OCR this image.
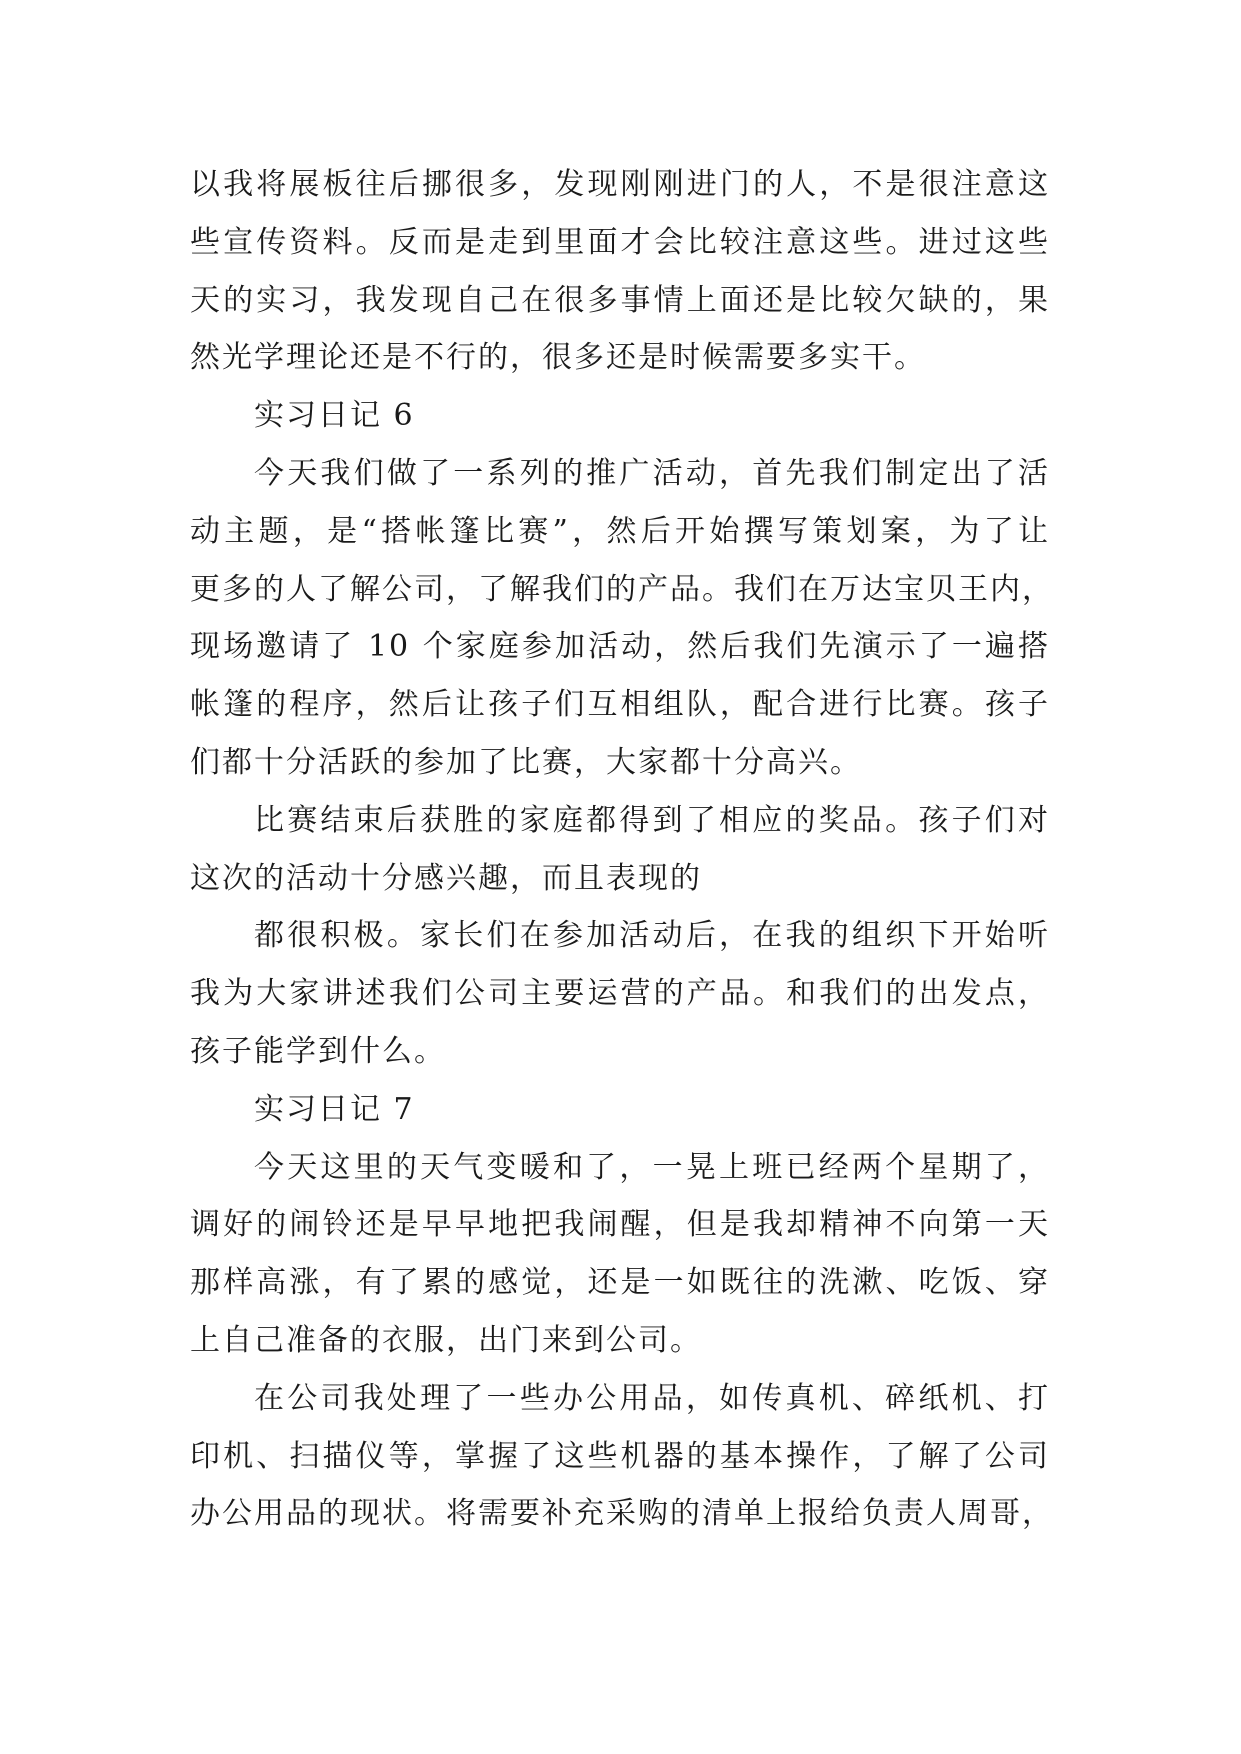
以我将展板往后挪很多，发现刚刚进门的人，不是很注意这
些宣传资料。反而是走到里面才会比较注意这些。进过这些
天的实习，我发现自己在很多事情上面还是比较欠缺的，果
然光学理论还是不行的，很多还是时候需要多实干。
实习日记 6
今天我们做了一系列的推广活动，首先我们制定出了活
动主题，是“搭帐篷比赛”，然后开始撰写策划案，为了让
更多的人了解公司，了解我们的产品。我们在万达宝贝王内，
现场邀请了 10 个家庭参加活动，然后我们先演示了一遍搭
帐篷的程序，然后让孩子们互相组队，配合进行比赛。孩子
们都十分活跃的参加了比赛，大家都十分高兴。
比赛结束后获胜的家庭都得到了相应的奖品。孩子们对
这次的活动十分感兴趣，而且表现的
都很积极。家长们在参加活动后，在我的组织下开始听
我为大家讲述我们公司主要运营的产品。和我们的出发点，
孩子能学到什么。
实习日记 7
今天这里的天气变暖和了，一晃上班已经两个星期了，
调好的闹铃还是早早地把我闹醒，但是我却精神不向第一天
那样高涨，有了累的感觉，还是一如既往的洗漱、吃饭、穿
上自己准备的衣服，出门来到公司。
在公司我处理了一些办公用品，如传真机、碎纸机、打
印机、扫描仪等，掌握了这些机器的基本操作，了解了公司
办公用品的现状。将需要补充采购的清单上报给负责人周哥，
